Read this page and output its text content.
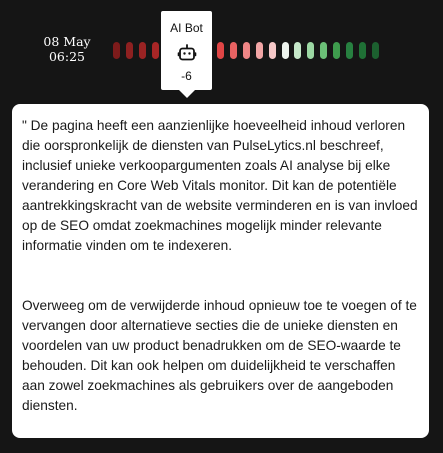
08 May
06:25
AI Bot
-6

" De pagina heeft een aanzienlijke hoeveelheid inhoud verloren die oorspronkelijk de diensten van PulseLytics.nl beschreef, inclusief unieke verkoopargumenten zoals AI analyse bij elke verandering en Core Web Vitals monitor. Dit kan de potentiële aantrekkingskracht van de website verminderen en is van invloed op de SEO omdat zoekmachines mogelijk minder relevante informatie vinden om te indexeren.

Overweeg om de verwijderde inhoud opnieuw toe te voegen of te vervangen door alternatieve secties die de unieke diensten en voordelen van uw product benadrukken om de SEO-waarde te behouden. Dit kan ook helpen om duidelijkheid te verschaffen aan zowel zoekmachines als gebruikers over de aangeboden diensten.
